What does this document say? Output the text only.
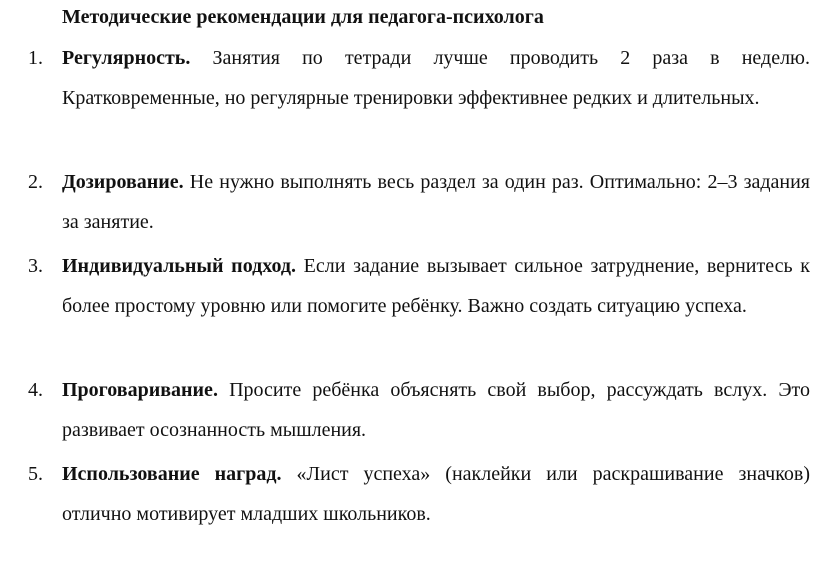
Методические рекомендации для педагога-психолога
1. Регулярность. Занятия по тетради лучше проводить 2 раза в неделю. Кратковременные, но регулярные тренировки эффективнее редких и длительных.
2. Дозирование. Не нужно выполнять весь раздел за один раз. Оптимально: 2–3 задания за занятие.
3. Индивидуальный подход. Если задание вызывает сильное затруднение, вернитесь к более простому уровню или помогите ребёнку. Важно создать ситуацию успеха.
4. Проговаривание. Просите ребёнка объяснять свой выбор, рассуждать вслух. Это развивает осознанность мышления.
5. Использование наград. «Лист успеха» (наклейки или раскрашивание значков) отлично мотивирует младших школьников.
